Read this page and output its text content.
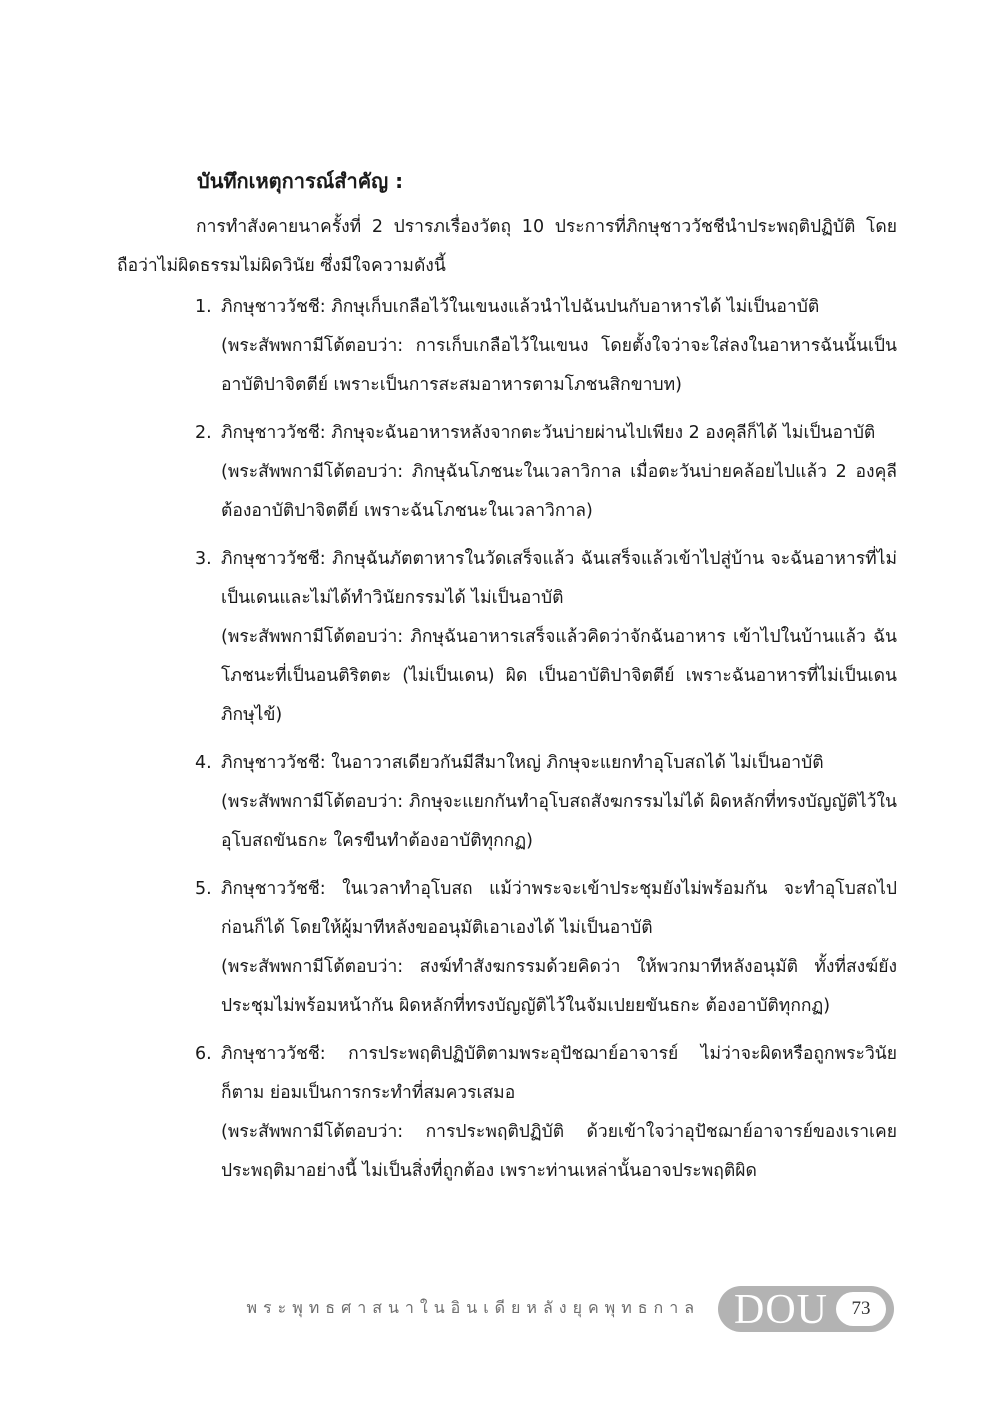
บันทึกเหตุการณ์สำคัญ :

การทำสังคายนาครั้งที่ 2 ปรารภเรื่องวัตถุ 10 ประการที่ภิกษุชาววัชชีนำประพฤติปฏิบัติ โดยถือว่าไม่ผิดธรรมไม่ผิดวินัย ซึ่งมีใจความดังนี้

1. ภิกษุชาววัชชี: ภิกษุเก็บเกลือไว้ในเขนงแล้วนำไปฉันปนกับอาหารได้ ไม่เป็นอาบัติ

(พระสัพพกามีโต้ตอบว่า: การเก็บเกลือไว้ในเขนง โดยตั้งใจว่าจะใส่ลงในอาหารฉันนั้นเป็นอาบัติปาจิตตีย์ เพราะเป็นการสะสมอาหารตามโภชนสิกขาบท)

2. ภิกษุชาววัชชี: ภิกษุจะฉันอาหารหลังจากตะวันบ่ายผ่านไปเพียง 2 องคุลีก็ได้ ไม่เป็นอาบัติ

(พระสัพพกามีโต้ตอบว่า: ภิกษุฉันโภชนะในเวลาวิกาล เมื่อตะวันบ่ายคล้อยไปแล้ว 2 องคุลี ต้องอาบัติปาจิตตีย์ เพราะฉันโภชนะในเวลาวิกาล)

3. ภิกษุชาววัชชี: ภิกษุฉันภัตตาหารในวัดเสร็จแล้ว ฉันเสร็จแล้วเข้าไปสู่บ้าน จะฉันอาหารที่ไม่เป็นเดนและไม่ได้ทำวินัยกรรมได้ ไม่เป็นอาบัติ

(พระสัพพกามีโต้ตอบว่า: ภิกษุฉันอาหารเสร็จแล้วคิดว่าจักฉันอาหาร เข้าไปในบ้านแล้ว ฉันโภชนะที่เป็นอนติริตตะ (ไม่เป็นเดน) ผิด เป็นอาบัติปาจิตตีย์ เพราะฉันอาหารที่ไม่เป็นเดนภิกษุไข้)

4. ภิกษุชาววัชชี: ในอาวาสเดียวกันมีสีมาใหญ่ ภิกษุจะแยกทำอุโบสถได้ ไม่เป็นอาบัติ

(พระสัพพกามีโต้ตอบว่า: ภิกษุจะแยกกันทำอุโบสถสังฆกรรมไม่ได้ ผิดหลักที่ทรงบัญญัติไว้ในอุโบสถขันธกะ ใครขืนทำต้องอาบัติทุกกฏ)

5. ภิกษุชาววัชชี: ในเวลาทำอุโบสถ แม้ว่าพระจะเข้าประชุมยังไม่พร้อมกัน จะทำอุโบสถไปก่อนก็ได้ โดยให้ผู้มาทีหลังขออนุมัติเอาเองได้ ไม่เป็นอาบัติ

(พระสัพพกามีโต้ตอบว่า: สงฆ์ทำสังฆกรรมด้วยคิดว่า ให้พวกมาทีหลังอนุมัติ ทั้งที่สงฆ์ยังประชุมไม่พร้อมหน้ากัน ผิดหลักที่ทรงบัญญัติไว้ในจัมเปยยขันธกะ ต้องอาบัติทุกกฏ)

6. ภิกษุชาววัชชี: การประพฤติปฏิบัติตามพระอุปัชฌาย์อาจารย์ ไม่ว่าจะผิดหรือถูกพระวินัยก็ตาม ย่อมเป็นการกระทำที่สมควรเสมอ

(พระสัพพกามีโต้ตอบว่า: การประพฤติปฏิบัติ ด้วยเข้าใจว่าอุปัชฌาย์อาจารย์ของเราเคยประพฤติมาอย่างนี้ ไม่เป็นสิ่งที่ถูกต้อง เพราะท่านเหล่านั้นอาจประพฤติผิด

พระพุทธศาสนาในอินเดียหลังยุคพุทธกาล DOU	73
